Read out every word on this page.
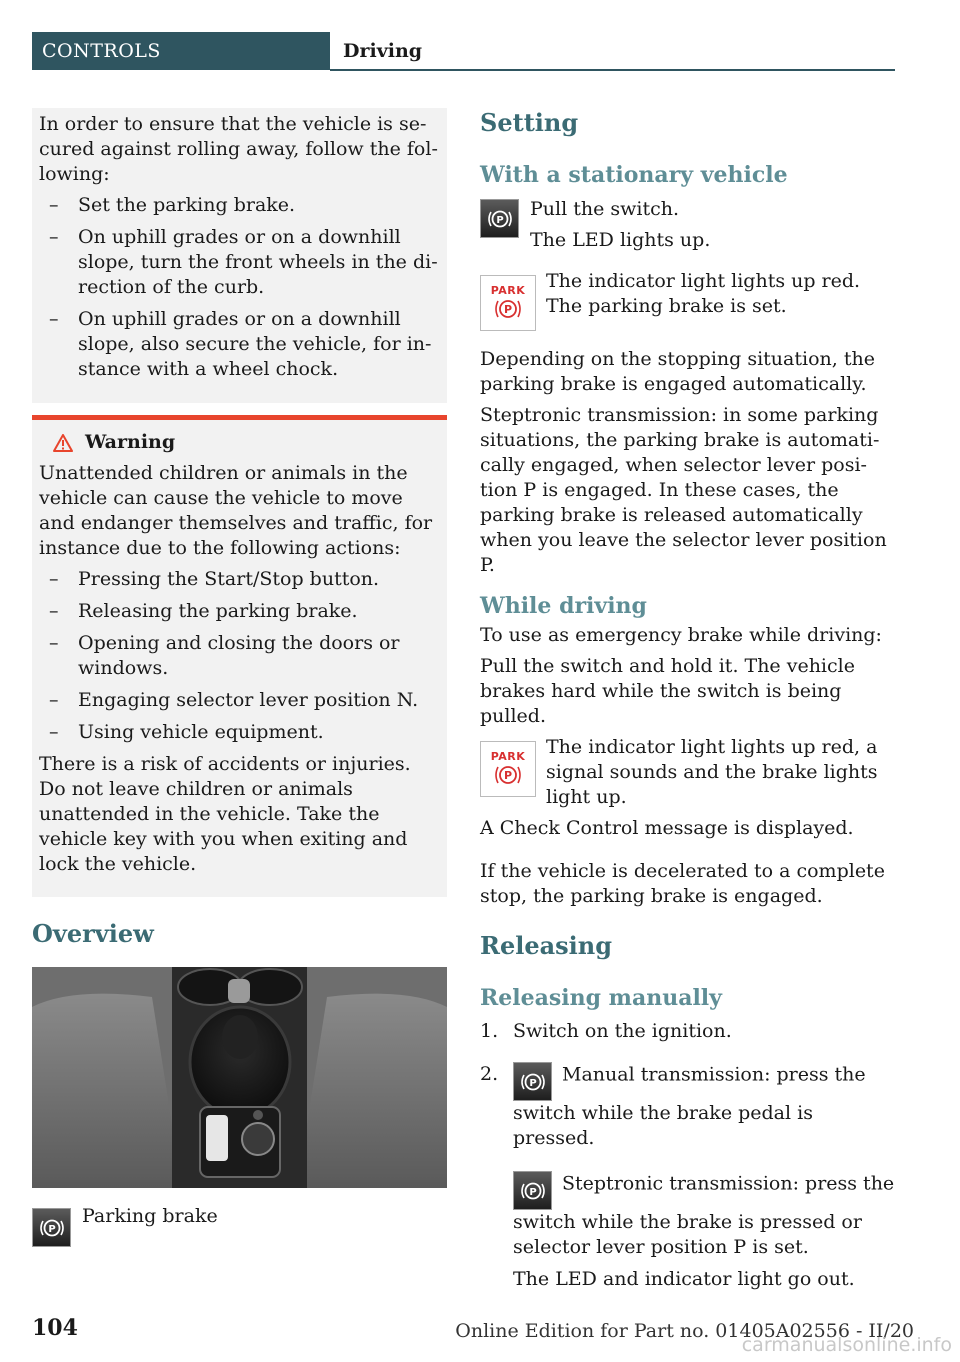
CONTROLS	Driving

In order to ensure that the vehicle is secured against rolling away, follow the following:

– Set the parking brake.
– On uphill grades or on a downhill slope, turn the front wheels in the direction of the curb.
– On uphill grades or on a downhill slope, also secure the vehicle, for instance with a wheel chock.
Warning

Unattended children or animals in the vehicle can cause the vehicle to move and endanger themselves and traffic, for instance due to the following actions:

– Pressing the Start/Stop button.
– Releasing the parking brake.
– Opening and closing the doors or windows.
– Engaging selector lever position N.
– Using vehicle equipment.

There is a risk of accidents or injuries. Do not leave children or animals unattended in the vehicle. Take the vehicle key with you when exiting and lock the vehicle.

Overview
P
Parking brake
Setting
With a stationary vehicle
P Pull the switch.

The LED lights up.

PARK
P

The indicator light lights up red. The parking brake is set.

Depending on the stopping situation, the parking brake is engaged automatically.

Steptronic transmission: in some parking situations, the parking brake is automatically engaged, when selector lever position P is engaged. In these cases, the parking brake is released automatically when you leave the selector lever position P.

While driving

To use as emergency brake while driving:

Pull the switch and hold it. The vehicle brakes hard while the switch is being pulled.

PARK
P

The indicator light lights up red, a signal sounds and the brake lights light up.

A Check Control message is displayed.

If the vehicle is decelerated to a complete stop, the parking brake is engaged.

Releasing
Releasing manually
1. Switch on the ignition.
2.	P Manual transmission: press the switch while the brake pedal is pressed.
P Steptronic transmission: press the switch while the brake is pressed or selector lever position P is set.
The LED and indicator light go out.
104	Online Edition for Part no. 01405A02556 - II/20
carmanualsonline.info
